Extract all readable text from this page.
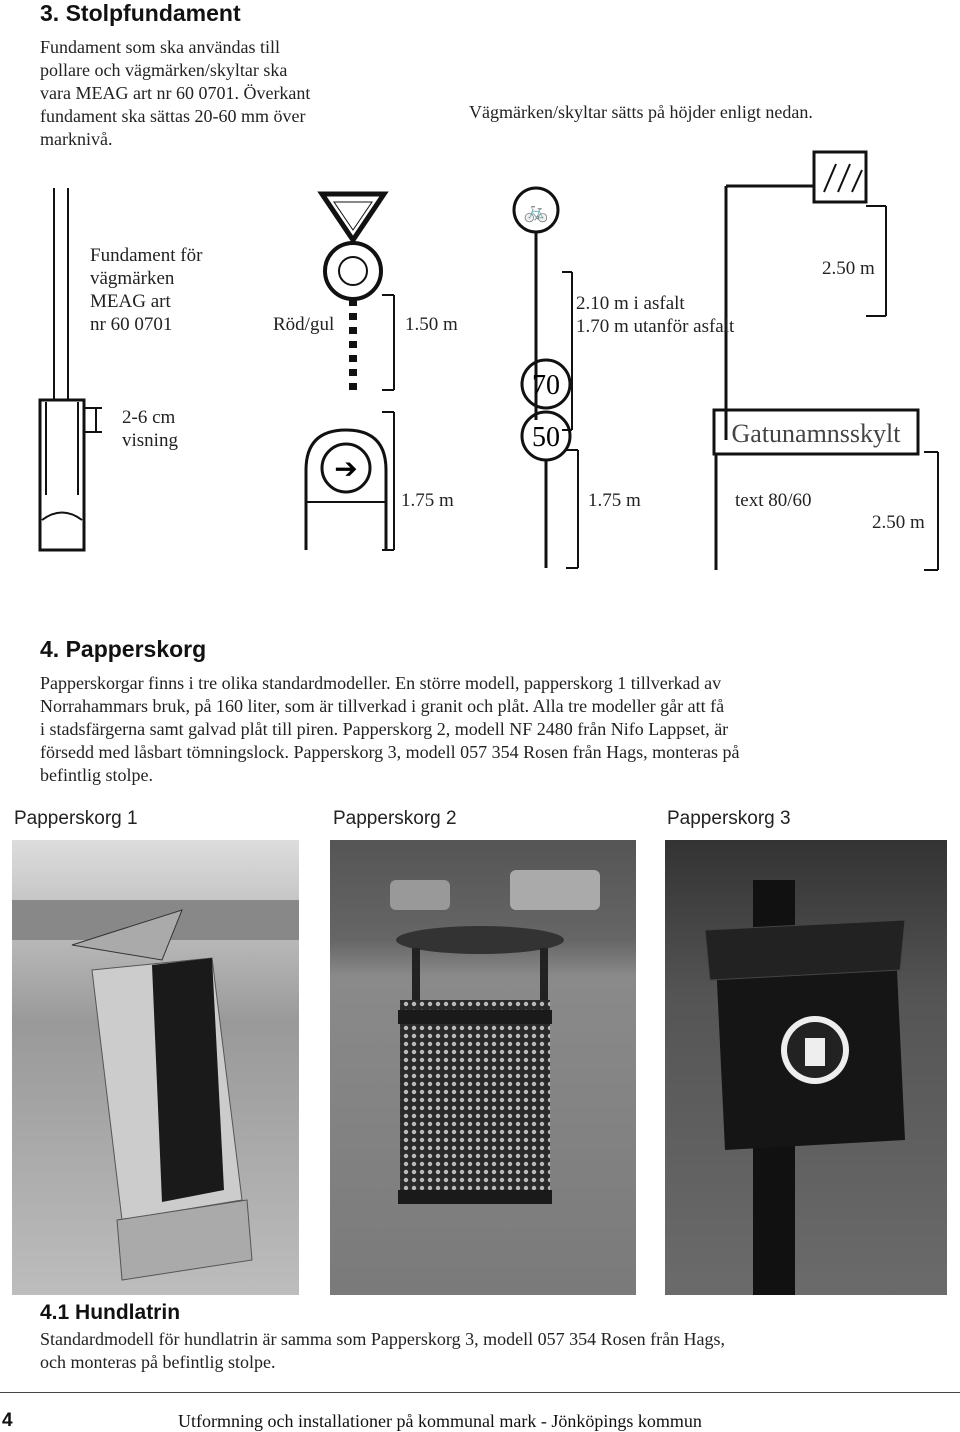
3. Stolpfundament
Fundament som ska användas till
pollare och vägmärken/skyltar ska
vara MEAG art nr 60 0701. Överkant
fundament ska sättas 20-60 mm över
marknivå.
Vägmärken/skyltar sätts på höjder enligt nedan.
70
50	Gatunamnsskylt
➔
🚲
Fundament för
vägmärken
MEAG art
nr 60 0701
2-6 cm
visning
Röd/gul	1.50 m
2.10 m i asfalt
1.70 m utanför asfalt
2.50 m
1.75 m	1.75 m	text 80/60
2.50 m
4. Papperskorg
Papperskorgar finns i tre olika standardmodeller. En större modell, papperskorg 1 tillverkad av
Norrahammars bruk, på 160 liter, som är tillverkad i granit och plåt. Alla tre modeller går att få
i stadsfärgerna samt galvad plåt till piren. Papperskorg 2, modell NF 2480 från Nifo Lappset, är
försedd med låsbart tömningslock. Papperskorg 3, modell 057 354 Rosen från Hags, monteras på
befintlig stolpe.
Papperskorg 1	Papperskorg 2	Papperskorg 3
4.1 Hundlatrin
Standardmodell för hundlatrin är samma som Papperskorg 3, modell 057 354 Rosen från Hags,
och monteras på befintlig stolpe.
4	Utformning och installationer på kommunal mark - Jönköpings kommun
